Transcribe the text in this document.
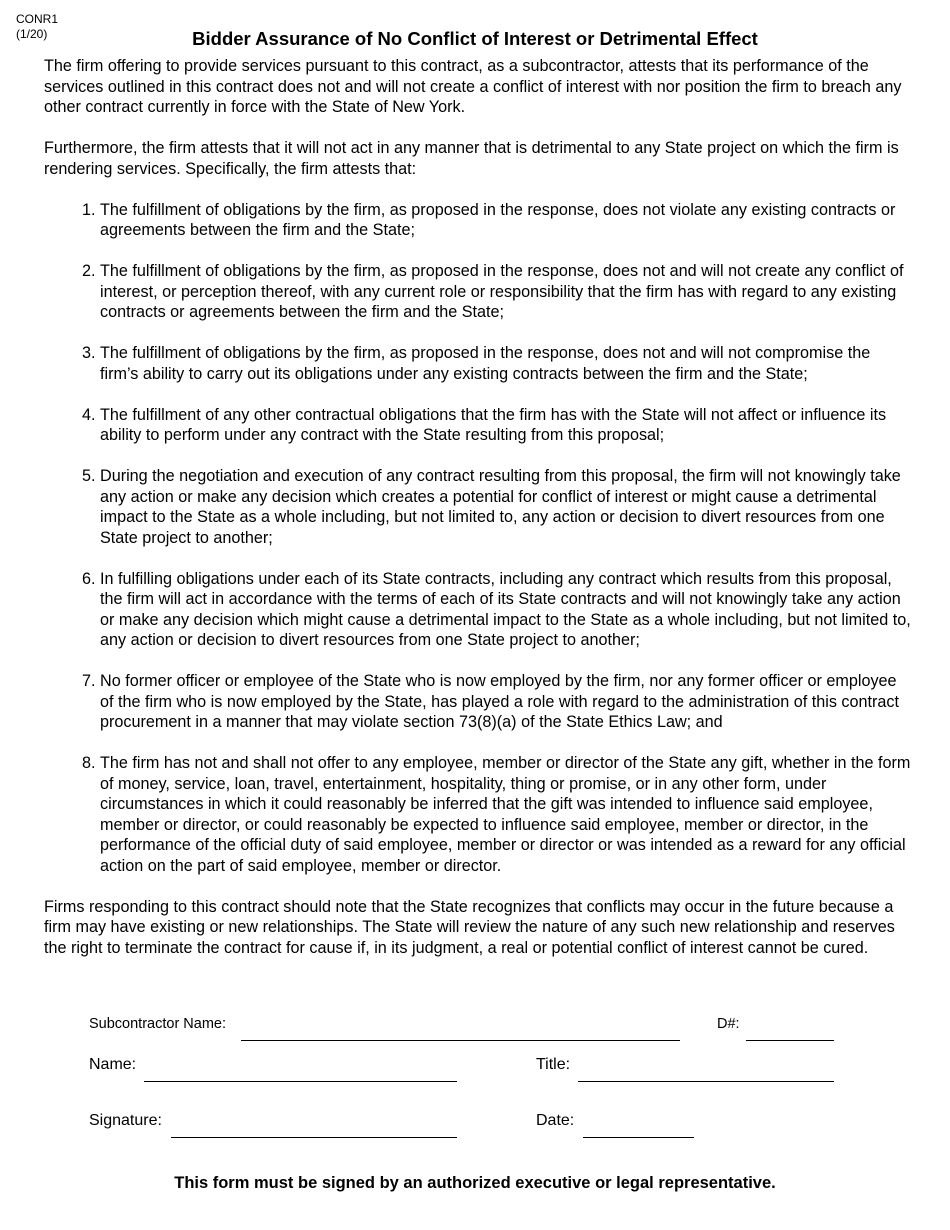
CONR1
(1/20)	Bidder Assurance of No Conflict of Interest or Detrimental Effect

The firm offering to provide services pursuant to this contract, as a subcontractor, attests that its performance of the services outlined in this contract does not and will not create a conflict of interest with nor position the firm to breach any other contract currently in force with the State of New York.

Furthermore, the firm attests that it will not act in any manner that is detrimental to any State project on which the firm is rendering services. Specifically, the firm attests that:

1. The fulfillment of obligations by the firm, as proposed in the response, does not violate any existing contracts or agreements between the firm and the State;
2. The fulfillment of obligations by the firm, as proposed in the response, does not and will not create any conflict of interest, or perception thereof, with any current role or responsibility that the firm has with regard to any existing contracts or agreements between the firm and the State;
3. The fulfillment of obligations by the firm, as proposed in the response, does not and will not compromise the firm’s ability to carry out its obligations under any existing contracts between the firm and the State;
4. The fulfillment of any other contractual obligations that the firm has with the State will not affect or influence its ability to perform under any contract with the State resulting from this proposal;
5. During the negotiation and execution of any contract resulting from this proposal, the firm will not knowingly take any action or make any decision which creates a potential for conflict of interest or might cause a detrimental impact to the State as a whole including, but not limited to, any action or decision to divert resources from one State project to another;
6. In fulfilling obligations under each of its State contracts, including any contract which results from this proposal, the firm will act in accordance with the terms of each of its State contracts and will not knowingly take any action or make any decision which might cause a detrimental impact to the State as a whole including, but not limited to, any action or decision to divert resources from one State project to another;
7. No former officer or employee of the State who is now employed by the firm, nor any former officer or employee of the firm who is now employed by the State, has played a role with regard to the administration of this contract procurement in a manner that may violate section 73(8)(a) of the State Ethics Law; and
8. The firm has not and shall not offer to any employee, member or director of the State any gift, whether in the form of money, service, loan, travel, entertainment, hospitality, thing or promise, or in any other form, under circumstances in which it could reasonably be inferred that the gift was intended to influence said employee, member or director, or could reasonably be expected to influence said employee, member or director, in the performance of the official duty of said employee, member or director or was intended as a reward for any official action on the part of said employee, member or director.

Firms responding to this contract should note that the State recognizes that conflicts may occur in the future because a firm may have existing or new relationships. The State will review the nature of any such new relationship and reserves the right to terminate the contract for cause if, in its judgment, a real or potential conflict of interest cannot be cured.

Subcontractor Name:	D#:
Name:	Title:
Signature:	Date:
This form must be signed by an authorized executive or legal representative.
